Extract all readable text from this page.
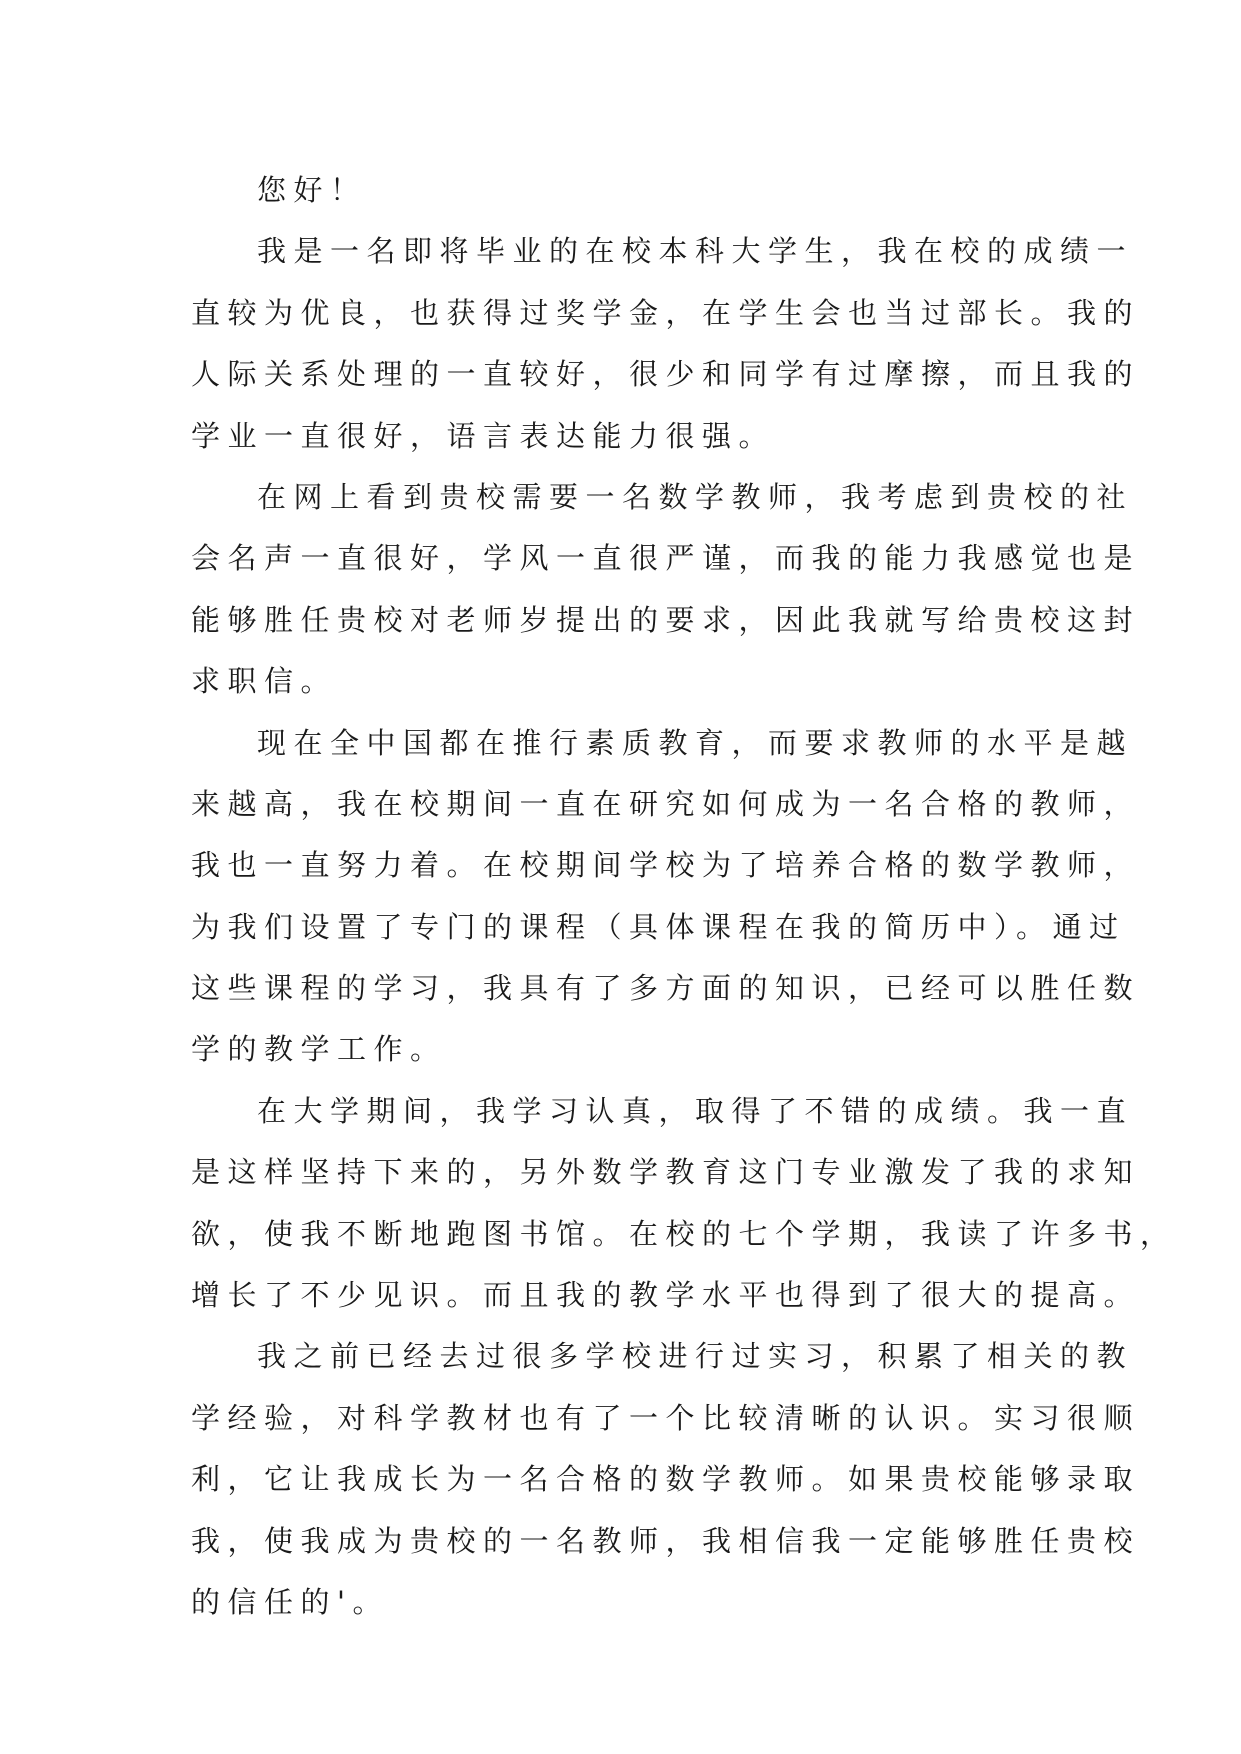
您好！
我是一名即将毕业的在校本科大学生，我在校的成绩一
直较为优良，也获得过奖学金，在学生会也当过部长。我的
人际关系处理的一直较好，很少和同学有过摩擦，而且我的
学业一直很好，语言表达能力很强。
在网上看到贵校需要一名数学教师，我考虑到贵校的社
会名声一直很好，学风一直很严谨，而我的能力我感觉也是
能够胜任贵校对老师岁提出的要求，因此我就写给贵校这封
求职信。
现在全中国都在推行素质教育，而要求教师的水平是越
来越高，我在校期间一直在研究如何成为一名合格的教师，
我也一直努力着。在校期间学校为了培养合格的数学教师，
为我们设置了专门的课程（具体课程在我的简历中）。通过
这些课程的学习，我具有了多方面的知识，已经可以胜任数
学的教学工作。
在大学期间，我学习认真，取得了不错的成绩。我一直
是这样坚持下来的，另外数学教育这门专业激发了我的求知
欲，使我不断地跑图书馆。在校的七个学期，我读了许多书，
增长了不少见识。而且我的教学水平也得到了很大的提高。
我之前已经去过很多学校进行过实习，积累了相关的教
学经验，对科学教材也有了一个比较清晰的认识。实习很顺
利，它让我成长为一名合格的数学教师。如果贵校能够录取
我，使我成为贵校的一名教师，我相信我一定能够胜任贵校
的信任的'。
